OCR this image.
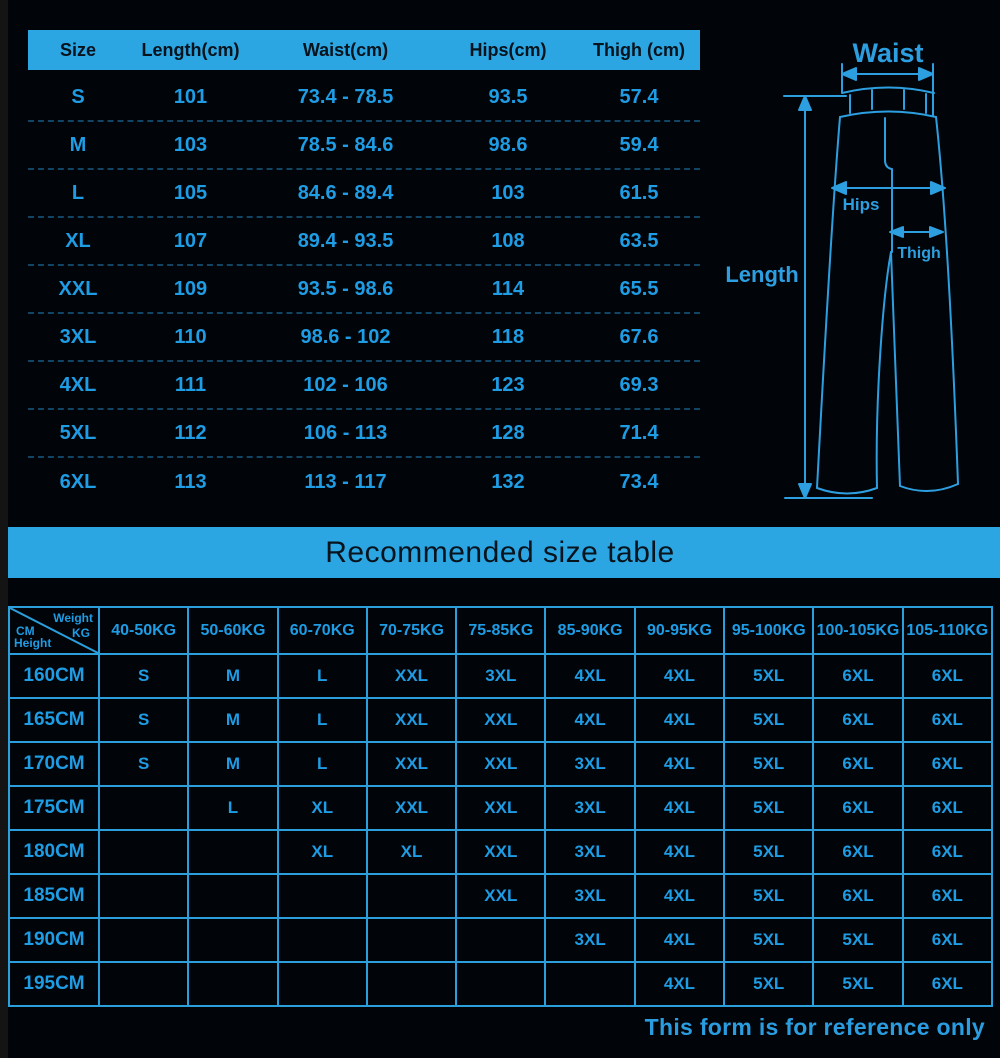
Size	Length(cm)	Waist(cm)	Hips(cm)	Thigh (cm)
S	101	73.4 - 78.5	93.5	57.4
M	103	78.5 - 84.6	98.6	59.4
L	105	84.6 - 89.4	103	61.5
XL	107	89.4 - 93.5	108	63.5
XXL	109	93.5 - 98.6	114	65.5
3XL	110	98.6 - 102	118	67.6
4XL	111	102 - 106	123	69.3
5XL	112	106 - 113	128	71.4
6XL	113	113 - 117	132	73.4
Waist
Hips
Thigh
Length
Recommended size table
Weight
KG
CM
Height	40-50KG	50-60KG	60-70KG	70-75KG	75-85KG	85-90KG	90-95KG	95-100KG	100-105KG	105-110KG
160CM	S	M	L	XXL	3XL	4XL	4XL	5XL	6XL	6XL
165CM	S	M	L	XXL	XXL	4XL	4XL	5XL	6XL	6XL
170CM	S	M	L	XXL	XXL	3XL	4XL	5XL	6XL	6XL
175CM		L	XL	XXL	XXL	3XL	4XL	5XL	6XL	6XL
180CM			XL	XL	XXL	3XL	4XL	5XL	6XL	6XL
185CM					XXL	3XL	4XL	5XL	6XL	6XL
190CM						3XL	4XL	5XL	5XL	6XL
195CM							4XL	5XL	5XL	6XL
This form is for reference only
